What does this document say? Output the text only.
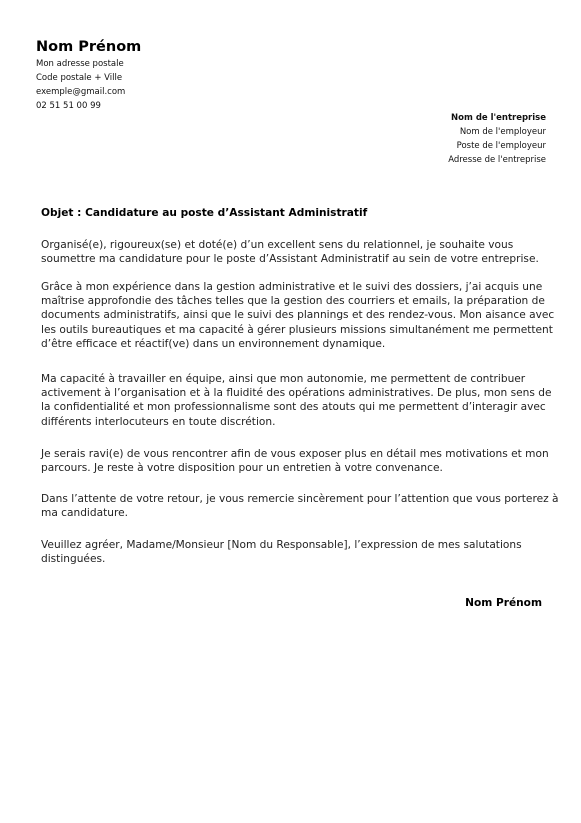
Nom Prénom
Mon adresse postale
Code postale + Ville
exemple@gmail.com
02 51 51 00 99
Nom de l'entreprise
Nom de l'employeur
Poste de l'employeur
Adresse de l'entreprise
Objet : Candidature au poste d’Assistant Administratif
Organisé(e), rigoureux(se) et doté(e) d’un excellent sens du relationnel, je souhaite vous
soumettre ma candidature pour le poste d’Assistant Administratif au sein de votre entreprise.
Grâce à mon expérience dans la gestion administrative et le suivi des dossiers, j’ai acquis une
maîtrise approfondie des tâches telles que la gestion des courriers et emails, la préparation de
documents administratifs, ainsi que le suivi des plannings et des rendez-vous. Mon aisance avec
les outils bureautiques et ma capacité à gérer plusieurs missions simultanément me permettent
d’être efficace et réactif(ve) dans un environnement dynamique.
Ma capacité à travailler en équipe, ainsi que mon autonomie, me permettent de contribuer
activement à l’organisation et à la fluidité des opérations administratives. De plus, mon sens de
la confidentialité et mon professionnalisme sont des atouts qui me permettent d’interagir avec
différents interlocuteurs en toute discrétion.
Je serais ravi(e) de vous rencontrer afin de vous exposer plus en détail mes motivations et mon
parcours. Je reste à votre disposition pour un entretien à votre convenance.
Dans l’attente de votre retour, je vous remercie sincèrement pour l’attention que vous porterez à
ma candidature.
Veuillez agréer, Madame/Monsieur [Nom du Responsable], l’expression de mes salutations
distinguées.
Nom Prénom
